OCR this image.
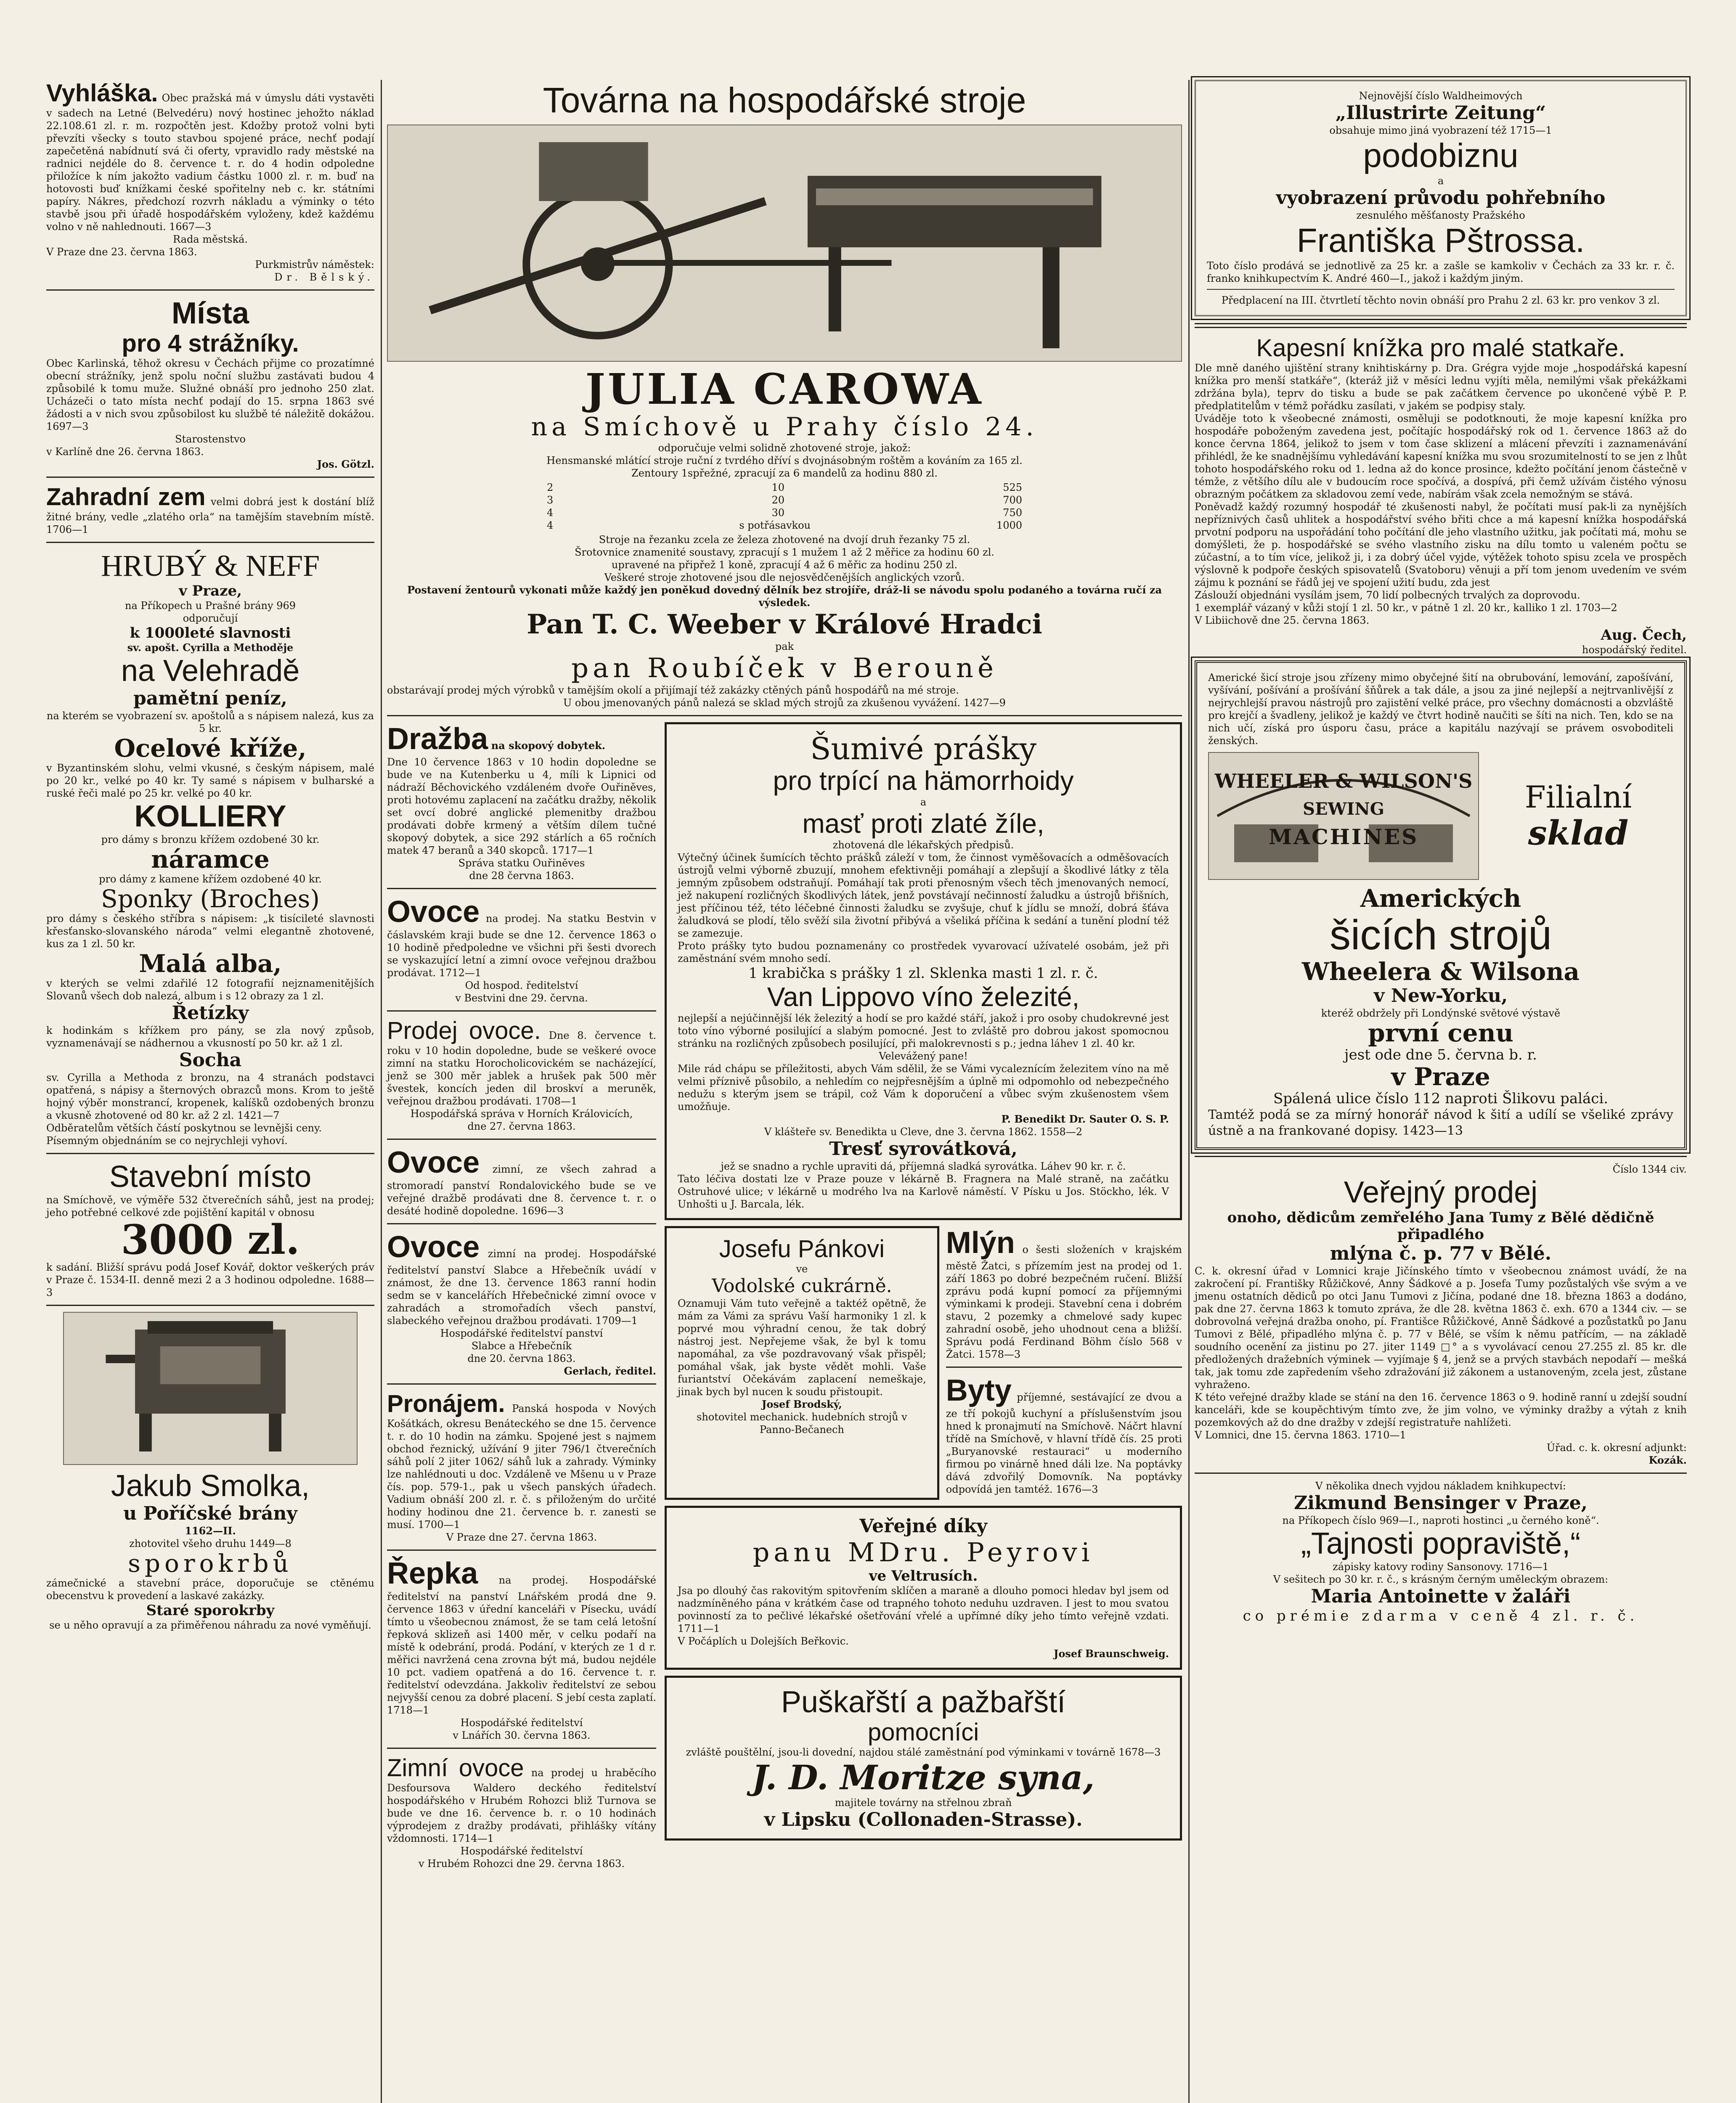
Vyhláška. Obec pražská má v úmyslu dáti vystavěti v sadech na Letné (Belvedéru) nový hostinec jehožto náklad 22.108.61 zl. r. m. rozpočtěn jest. Kdožby protož volni byti převzíti všecky s touto stavbou spojené práce, nechť podají zapečetěná nabídnutí svá či oferty, vpravidlo rady městské na radnici nejdéle do 8. července t. r. do 4 hodin odpoledne přiložíce k ním jakožto vadium částku 1000 zl. r. m. buď na hotovosti buď knížkami české spořitelny neb c. kr. státními papíry. Nákres, předchozí rozvrh nákladu a výminky o této stavbě jsou při úřadě hospodářském vyloženy, kdež každému volno v ně nahlednouti. 1667—3
Rada městská.
V Praze dne 23. června 1863.
Purkmistrův náměstek:
Dr. Bělský.
Místa
pro 4 strážníky.
Obec Karlinská, těhož okresu v Čechách přijme co prozatímné obecní strážníky, jenž spolu noční službu zastávati budou 4 způsobilé k tomu muže. Služné obnáší pro jednoho 250 zlat. Ucházeči o tato místa nechť podají do 15. srpna 1863 své žádosti a v nich svou způsobilost ku službě té náležitě dokážou. 1697—3
Starostenstvo
v Karlíně dne 26. června 1863.
Jos. Götzl.
Zahradní zem velmi dobrá jest k dostání blíž žitné brány, vedle „zlatého orla“ na tamějším stavebním místě. 1706—1
HRUBÝ & NEFF
v Praze,
na Příkopech u Prašné brány 969
odporučují
k 1000leté slavnosti
sv. apošt. Cyrilla a Methoděje
na Velehradě
pamětní peníz,
na kterém se vyobrazení sv. apoštolů a s nápisem nalezá, kus za 5 kr.
Ocelové kříže,
v Byzantinském slohu, velmi vkusné, s českým nápisem, malé po 20 kr., velké po 40 kr. Ty samé s nápisem v bulharské a ruské řeči malé po 25 kr. velké po 40 kr.
KOLLIERY
pro dámy s bronzu křížem ozdobené 30 kr.
náramce
pro dámy z kamene křížem ozdobené 40 kr.
Sponky (Broches)
pro dámy s českého stříbra s nápisem: „k tisícileté slavnosti křesťansko-slovanského národa“ velmi elegantně zhotovené, kus za 1 zl. 50 kr.
Malá alba,
v kterých se velmi zdařilé 12 fotografií nejznamenitějších Slovanů všech dob nalezá, album i s 12 obrazy za 1 zl.
Řetízky
k hodinkám s křížkem pro pány, se zla nový způsob, vyznamenávají se nádhernou a vkusností po 50 kr. až 1 zl.
Socha
sv. Cyrilla a Methoda z bronzu, na 4 stranách podstavci opatřená, s nápisy a šternových obrazců mons. Krom to ještě hojný výběr monstrancí, kropenek, kalíšků ozdobených bronzu a vkusně zhotovené od 80 kr. až 2 zl. 1421—7
Odběratelům větších částí poskytnou se levnějši ceny.
Písemným objednáním se co nejrychleji vyhoví.
Stavební místo
na Smíchově, ve výměře 532 čtverečních sáhů, jest na prodej; jeho potřebné celkové zde pojištění kapitál v obnosu
3000 zl.
k sadání. Bližší správu podá Josef Kovář, doktor veškerých práv v Praze č. 1534-II. denně mezi 2 a 3 hodinou odpoledne. 1688—3
Jakub Smolka,
u Poříčské brány
1162—II.
zhotovitel všeho druhu 1449—8
sporokrbů
zámečnické a stavební práce, doporučuje se ctěnému obecenstvu k provedení a laskavé zakázky.
Staré sporokrby
se u něho opravují a za přiměřenou náhradu za nové vyměňují.
Továrna na hospodářské stroje
JULIA CAROWA
na Smíchově u Prahy číslo 24.
odporučuje velmi solidně zhotovené stroje, jakož:
Hensmanské mlátící stroje ruční z tvrdého dříví s dvojnásobným roštěm a kováním za 165 zl.
Zentoury 1spřežné, zpracují za 6 mandelů za hodinu 880 zl.
2	10	525
3	20	700
4	30	750
4	s potřásavkou	1000
Stroje na řezanku zcela ze železa zhotovené na dvojí druh řezanky 75 zl.
Šrotovnice znamenité soustavy, zpracují s 1 mužem 1 až 2 měřice za hodinu 60 zl.
upravené na připřež 1 koně, zpracují 4 až 6 měřic za hodinu 250 zl.
Veškeré stroje zhotovené jsou dle nejosvědčenějších anglických vzorů.
Postavení žentourů vykonati může každý jen poněkud dovedný dělník bez strojíře, dráž-li se návodu spolu podaného a továrna ručí za výsledek.
Pan T. C. Weeber v Králové Hradci
pak
pan Roubíček v Berouně
obstarávají prodej mých výrobků v tamějším okolí a přijímají též zakázky ctěných pánů hospodářů na mé stroje.
U obou jmenovaných pánů nalezá se sklad mých strojů za zkušenou vyvážení. 1427—9
Dražba na skopový dobytek.
Dne 10 července 1863 v 10 hodin dopoledne se bude ve na Kutenberku u 4, míli k Lipnici od nádraží Běchovického vzdáleném dvoře Ouřiněves, proti hotovému zaplacení na začátku dražby, několik set ovcí dobré anglické plemenitby dražbou prodávati dobře krmený a větším dílem tučné skopový dobytek, a sice 292 stárlích a 65 ročních matek 47 beranů a 340 skopců. 1717—1
Správa statku Ouřiněves
dne 28 června 1863.
Ovoce na prodej. Na statku Bestvin v čáslavském kraji bude se dne 12. července 1863 o 10 hodině předpoledne ve všichni při šesti dvorech se vyskazující letní a zimní ovoce veřejnou dražbou prodávat. 1712—1
Od hospod. ředitelství
v Bestvini dne 29. června.
Prodej ovoce. Dne 8. července t. roku v 10 hodin dopoledne, bude se veškeré ovoce zimní na statku Horocholicovickém se nacházející, jenž se 300 měr jablek a hrušek pak 500 měr švestek, koncích jeden dil broskví a meruněk, veřejnou dražbou prodávati. 1708—1
Hospodářská správa v Horních Královicích,
dne 27. června 1863.
Ovoce zimní, ze všech zahrad a stromoradí panství Rondalovického bude se ve veřejné dražbě prodávati dne 8. července t. r. o desáté hodině dopoledne. 1696—3
Ovoce zimní na prodej. Hospodářské ředitelství panství Slabce a Hřebečník uvádí v známost, že dne 13. července 1863 ranní hodin sedm se v kancelářích Hřebečnické zimní ovoce v zahradách a stromořadích všech panství, slabeckého veřejnou dražbou prodávati. 1709—1
Hospodářské ředitelství panství
Slabce a Hřebečník
dne 20. června 1863.
Gerlach, ředitel.
Pronájem. Panská hospoda v Nových Košátkách, okresu Benáteckého se dne 15. července t. r. do 10 hodin na zámku. Spojené jest s najmem obchod řeznický, užívání 9 jiter 796/1 čtverečních sáhů polí 2 jiter 1062/ sáhů luk a zahrady. Výminky lze nahlédnouti u doc. Vzdáleně ve Mšenu u v Praze čís. pop. 579-1., pak u všech panských úřadech. Vadium obnáší 200 zl. r. č. s přiloženým do určité hodiny hodinou dne 21. července b. r. zanesti se musí. 1700—1
V Praze dne 27. června 1863.
Řepka na prodej. Hospodářské ředitelství na panství Lnářském prodá dne 9. července 1863 v úřední kanceláři v Písecku, uvádí tímto u všeobecnou známost, že se tam celá letošní řepková sklizeň asi 1400 měr, v celku podaří na místě k odebrání, prodá. Podání, v kterých ze 1 d r. měřici navržená cena zrovna být má, budou nejdéle 10 pct. vadiem opatřená a do 16. července t. r. ředitelství odevzdána. Jakkoliv ředitelství ze sebou nejvyšší cenou za dobré placení. S jebí cesta zaplatí. 1718—1
Hospodářské ředitelství
v Lnářích 30. června 1863.
Zimní ovoce na prodej u hraběcího Desfoursova Waldero deckého ředitelství hospodářského v Hrubém Rohozci bliž Turnova se bude ve dne 16. července b. r. o 10 hodinách výprodejem z dražby prodávati, přihlášky vítány vždomnosti. 1714—1
Hospodářské ředitelství
v Hrubém Rohozci dne 29. června 1863.
Šumivé prášky
pro trpící na hämorrhoidy
a
masť proti zlaté žíle,
zhotovená dle lékařských předpisů.
Výtečný účinek šumících těchto prášků záleží v tom, že činnost vyměšovacích a odměšovacích ústrojů velmi výborně zbuzují, mnohem efektivněji pomáhají a zlepšují a škodlivé látky z těla jemným způsobem odstraňují. Pomáhají tak proti přenosným všech těch jmenovaných nemocí, jež nakupení rozličných škodlivých látek, jenž povstávají nečinností žaludku a ústrojů břišních, jest příčinou též, této léčebné činnosti žaludku se zvyšuje, chuť k jídlu se množí, dobrá šťáva žaludková se plodí, tělo svěží sila životní přibývá a všeliká příčina k sedání a tunění plodní též se zamezuje.
Proto prášky tyto budou poznamenány co prostředek vyvarovací užívatelé osobám, jež při zaměstnání svém mnoho sedí.
1 krabička s prášky 1 zl. Sklenka masti 1 zl. r. č.
Van Lippovo víno železité,
nejlepší a nejúčinnější lék železitý a hodí se pro každé stáří, jakož i pro osoby chudokrevné jest toto víno výborné posilující a slabým pomocné. Jest to zvláště pro dobrou jakost spomocnou stránku na rozličných způsobech posilující, při malokrevnosti s p.; jedna láhev 1 zl. 40 kr.
Velevážený pane!
Mile rád chápu se příležitosti, abych Vám sdělil, že se Vámi vycaleznícím železitem víno na mě velmi příznivě působilo, a nehledím co nejpřesnějším a úplně mi odpomohlo od nebezpečného nedužu s kterým jsem se trápil, což Vám k doporučení a vůbec svým zkušenostem všem umožňuje.
P. Benedikt Dr. Sauter O. S. P.
V klášteře sv. Benedikta u Cleve, dne 3. června 1862. 1558—2
Tresť syrovátková,
jež se snadno a rychle upraviti dá, příjemná sladká syrovátka. Láhev 90 kr. r. č.
Tato léčiva dostati lze v Praze pouze v lékárně B. Fragnera na Malé straně, na začátku Ostruhové ulice; v lékárně u modrého lva na Karlově náměstí. V Písku u Jos. Stöckho, lék. V Unhošti u J. Barcala, lék.
Josefu Pánkovi
ve
Vodolské cukrárně.
Oznamuji Vám tuto veřejně a taktéž opětně, že mám za Vámi za správu Vaší harmoniky 1 zl. k poprvé mou výhradní cenou, že tak dobrý nástroj jest. Nepřejeme však, že byl k tomu napomáhal, za vše pozdravovaný však přispěl; pomáhal však, jak byste vědět mohli. Vaše furiantství Očekávám zaplacení nemeškaje, jinak bych byl nucen k soudu přistoupit.
Josef Brodský,
shotovitel mechanick. hudebních strojů v Panno-Bečanech
Mlýn o šesti složeních v krajském městě Žatci, s přízemím jest na prodej od 1. září 1863 po dobré bezpečném ručení. Bližší zprávu podá kupní pomocí za příjemnými výminkami k prodeji. Stavební cena i dobrém stavu, 2 pozemky a chmelové sady kupec zahradní osobě, jeho uhodnout cena a bližší. Správu podá Ferdinand Böhm číslo 568 v Žatci. 1578—3
Byty příjemné, sestávající ze dvou a ze tří pokojů kuchyní a příslušenstvím jsou hned k pronajmutí na Smíchově. Náčrt hlavní třídě na Smíchově, v hlavní třídě čís. 25 proti „Buryanovské restauraci“ u moderního firmou po vinárně hned dáli lze. Na poptávky dává zdvořilý Domovník. Na poptávky odpovídá jen tamtéž. 1676—3
Veřejné díky
panu MDru. Peyrovi
ve Veltrusích.
Jsa po dlouhý čas rakovitým spitovřením sklíčen a maraně a dlouho pomoci hledav byl jsem od nadzmíněného pána v krátkém čase od trapného tohoto neduhu uzdraven. I jest to mou svatou povinností za to pečlivé lékařské ošetřování vřelé a upřímné díky jeho tímto veřejně vzdati. 1711—1
V Počáplích u Dolejších Beřkovic.
Josef Braunschweig.
Puškařští a pažbařští
pomocníci
zvláště pouštělní, jsou-li dovední, najdou stálé zaměstnání pod výminkami v továrně 1678—3
J. D. Moritze syna,
majitele továrny na střelnou zbraň
v Lipsku (Collonaden-Strasse).
Nejnovější číslo Waldheimových
„Illustrirte Zeitung“
obsahuje mimo jiná vyobrazení též 1715—1
podobiznu
a
vyobrazení průvodu pohřebního
zesnulého měšťanosty Pražského
Františka Pštrossa.
Toto číslo prodává se jednotlivě za 25 kr. a zašle se kamkoliv v Čechách za 33 kr. r. č. franko knihkupectvím K. André 460—I., jakož i každým jiným.
Předplacení na III. čtvrtletí těchto novin obnáší pro Prahu 2 zl. 63 kr. pro venkov 3 zl.
Kapesní knížka pro malé statkaře.
Dle mně daného ujištění strany knihtiskárny p. Dra. Grégra vyjde moje „hospodářská kapesní knížka pro menší statkáře“, (kteráž již v měsíci lednu vyjíti měla, nemilými však překážkami zdržána byla), teprv do tisku a bude se pak začátkem července po ukončené výbě P. P. předplatitelům v témž pořádku zasílati, v jakém se podpisy staly.
Uváděje toto k všeobecné známosti, osměluji se podotknouti, že moje kapesní knížka pro hospodáře poboženým zavedena jest, počítajíc hospodářský rok od 1. července 1863 až do konce června 1864, jelikož to jsem v tom čase sklizení a mlácení převzíti i zaznamenávání přihlédl, že ke snadnějšímu vyhledávání kapesní knížka mu svou srozumitelností to se jen z lhůt tohoto hospodářského roku od 1. ledna až do konce prosince, kdežto počítání jenom částečně v témže, z většího dílu ale v budoucím roce spočívá, a dospívá, při čemž užívám čistého výnosu obrazným počátkem za skladovou zemí vede, nabírám však zcela nemožným se stává.
Poněvadž každý rozumný hospodář té zkušenosti nabyl, že počítati musí pak-li za nynějších nepříznivých časů uhlitek a hospodářství svého břiti chce a má kapesní knížka hospodářská prvotní podporu na uspořádání toho počítání dle jeho vlastního užitku, jak počítati má, mohu se domýšleti, že p. hospodářské se svého vlastního zisku na dílu tomto u valeném počtu se zúčastní, a to tím více, jelikož ji, i za dobrý účel vyjde, výtěžek tohoto spisu zcela ve prospěch výslovně k podpoře českých spisovatelů (Svatoboru) věnuji a pří tom jenom uvedením ve svém zájmu k poznání se řádů jej ve spojení užití budu, zda jest
Záslouží objednáni vysílám jsem, 70 lidí polbecných trvalých za doprovodu.
1 exemplář vázaný v kůži stojí 1 zl. 50 kr., v pátně 1 zl. 20 kr., kalliko 1 zl. 1703—2
V Libiichově dne 25. června 1863.
Aug. Čech,
hospodářský ředitel.
Americké šicí stroje jsou zřízeny mimo obyčejné šití na obrubování, lemování, zapošívání, vyšívání, pošívání a prošívání šňůrek a tak dále, a jsou za jiné nejlepší a nejtrvanlivější z nejrychlejší pravou nástrojů pro zajistění velké práce, pro všechny domácnosti a obzvláště pro krejčí a švadleny, jelikož je každý ve čtvrt hodině naučiti se šíti na nich. Ten, kdo se na nich učí, získá pro úsporu času, práce a kapitálu nazývají se právem osvoboditeli ženských.
WHEELER & WILSON'S
SEWING
MACHINES
Filialní
sklad
Amerických
šicích strojů
Wheelera & Wilsona
v New-Yorku,
kteréž obdržely při Londýnské světové výstavě
první cenu
jest ode dne 5. června b. r.
v Praze
Spálená ulice číslo 112 naproti Šlikovu paláci.
Tamtéž podá se za mírný honorář návod k šití a udílí se všeliké zprávy ústně a na frankované dopisy. 1423—13
Číslo 1344 civ.
Veřejný prodej
onoho, dědicům zemřelého Jana Tumy z Bělé dědičně připadlého
mlýna č. p. 77 v Bělé.
C. k. okresní úřad v Lomnici kraje Jičínského tímto v všeobecnou známost uvádí, že na zakročení pí. Františky Růžičkové, Anny Šádkové a p. Josefa Tumy pozůstalých vše svým a ve jmenu ostatních dědiců po otci Janu Tumovi z Jičína, podané dne 18. března 1863 a dodáno, pak dne 27. června 1863 k tomuto zpráva, že dle 28. května 1863 č. exh. 670 a 1344 civ. — se dobrovolná veřejná dražba onoho, pí. Františce Růžičkové, Anně Šádkové a pozůstatků po Janu Tumovi z Bělé, připadlého mlýna č. p. 77 v Bělé, se vším k němu patřícím, — na základě soudního ocenění za jistinu po 27. jiter 1149 □° a s vyvolávací cenou 27.255 zl. 85 kr. dle předložených dražebních výminek — vyjímaje § 4, jenž se a prvých stavbách nepodaří — mešká tak, jak tomu zde zapředením všeho zdražování již zákonem a ustanoveným, zcela jest, zůstane vyhraženo.
K této veřejné dražby klade se stání na den 16. července 1863 o 9. hodině ranní u zdejší soudní kanceláři, kde se koupěchtivým tímto zve, že jim volno, ve výminky dražby a výtah z knih pozemkových až do dne dražby v zdejší registratuře nahlížeti.
V Lomnici, dne 15. června 1863. 1710—1
Úřad. c. k. okresní adjunkt:
Kozák.
V několika dnech vyjdou nákladem knihkupectví:
Zikmund Bensinger v Praze,
na Příkopech číslo 969—I., naproti hostinci „u černého koně“.
„Tajnosti popraviště,“
zápisky katovy rodiny Sansonovy. 1716—1
V sešitech po 30 kr. r. č., s krásným černým uměleckým obrazem:
Maria Antoinette v žaláři
co prémie zdarma v ceně 4 zl. r. č.
